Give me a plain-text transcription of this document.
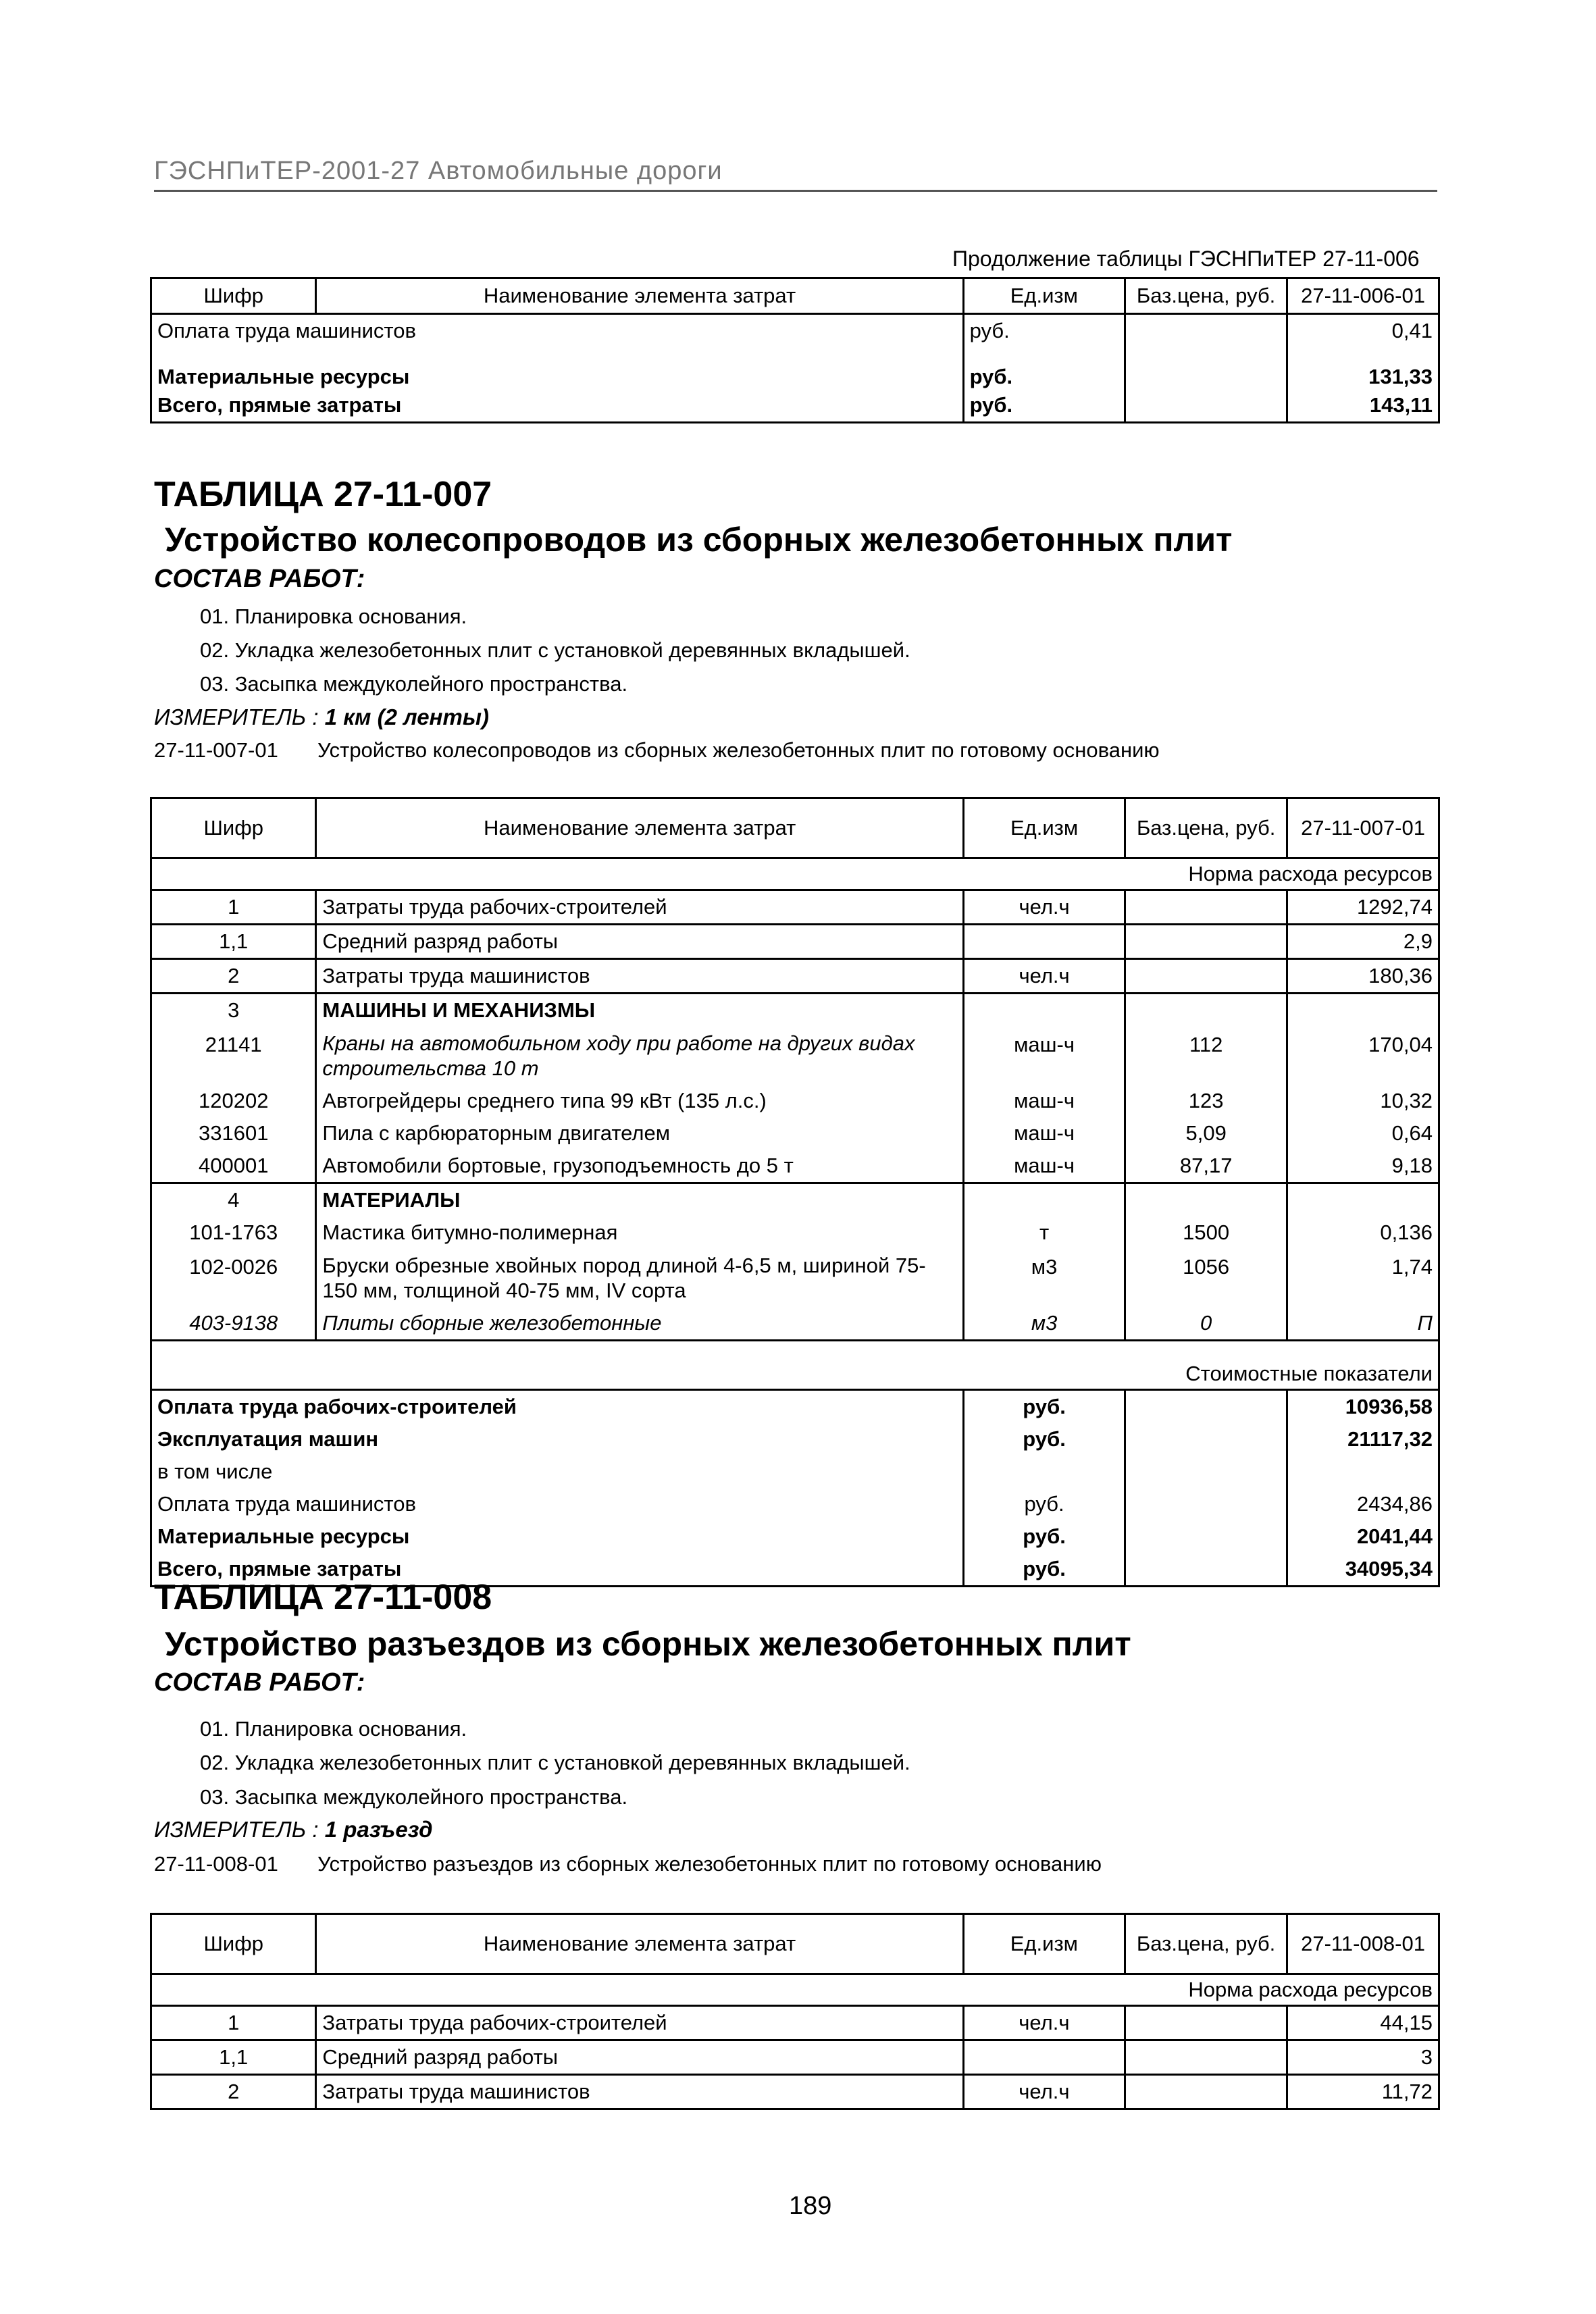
ГЭСНПиТЕР-2001-27 Автомобильные дороги
Продолжение таблицы ГЭСНПиТЕР 27-11-006
Шифр	Наименование элемента затрат	Ед.изм	Баз.цена, руб.	27-11-006-01
Оплата труда машинистов		руб.		0,41
Материальные ресурсы		руб.		131,33
Всего, прямые затраты		руб.		143,11
ТАБЛИЦА 27-11-007
Устройство колесопроводов из сборных железобетонных плит
СОСТАВ РАБОТ:
01. Планировка основания.
02. Укладка железобетонных плит с установкой деревянных вкладышей.
03. Засыпка междуколейного пространства.
ИЗМЕРИТЕЛЬ : 1 км (2 ленты)
27-11-007-01 Устройство колесопроводов из сборных железобетонных плит по готовому основанию
Шифр	Наименование элемента затрат	Ед.изм	Баз.цена, руб.	27-11-007-01
Норма расхода ресурсов				
1	Затраты труда рабочих-строителей	чел.ч		1292,74
1,1	Средний разряд работы			2,9
2	Затраты труда машинистов	чел.ч		180,36
3	МАШИНЫ И МЕХАНИЗМЫ			
21141	Краны на автомобильном ходу при работе на других видах строительства 10 т	маш-ч	112	170,04
120202	Автогрейдеры среднего типа 99 кВт (135 л.с.)	маш-ч	123	10,32
331601	Пила с карбюраторным двигателем	маш-ч	5,09	0,64
400001	Автомобили бортовые, грузоподъемность до 5 т	маш-ч	87,17	9,18
4	МАТЕРИАЛЫ			
101-1763	Мастика битумно-полимерная	т	1500	0,136
102-0026	Бруски обрезные хвойных пород длиной 4-6,5 м, шириной 75-150 мм, толщиной 40-75 мм, IV сорта	м3	1056	1,74
403-9138	Плиты сборные железобетонные	м3	0	П
Стоимостные показатели				
Оплата труда рабочих-строителей		руб.		10936,58
Эксплуатация машин		руб.		21117,32
в том числе				
Оплата труда машинистов		руб.		2434,86
Материальные ресурсы		руб.		2041,44
Всего, прямые затраты		руб.		34095,34
ТАБЛИЦА 27-11-008
Устройство разъездов из сборных железобетонных плит
СОСТАВ РАБОТ:
01. Планировка основания.
02. Укладка железобетонных плит с установкой деревянных вкладышей.
03. Засыпка междуколейного пространства.
ИЗМЕРИТЕЛЬ : 1 разъезд
27-11-008-01 Устройство разъездов из сборных железобетонных плит по готовому основанию
Шифр	Наименование элемента затрат	Ед.изм	Баз.цена, руб.	27-11-008-01
Норма расхода ресурсов				
1	Затраты труда рабочих-строителей	чел.ч		44,15
1,1	Средний разряд работы			3
2	Затраты труда машинистов	чел.ч		11,72
189
